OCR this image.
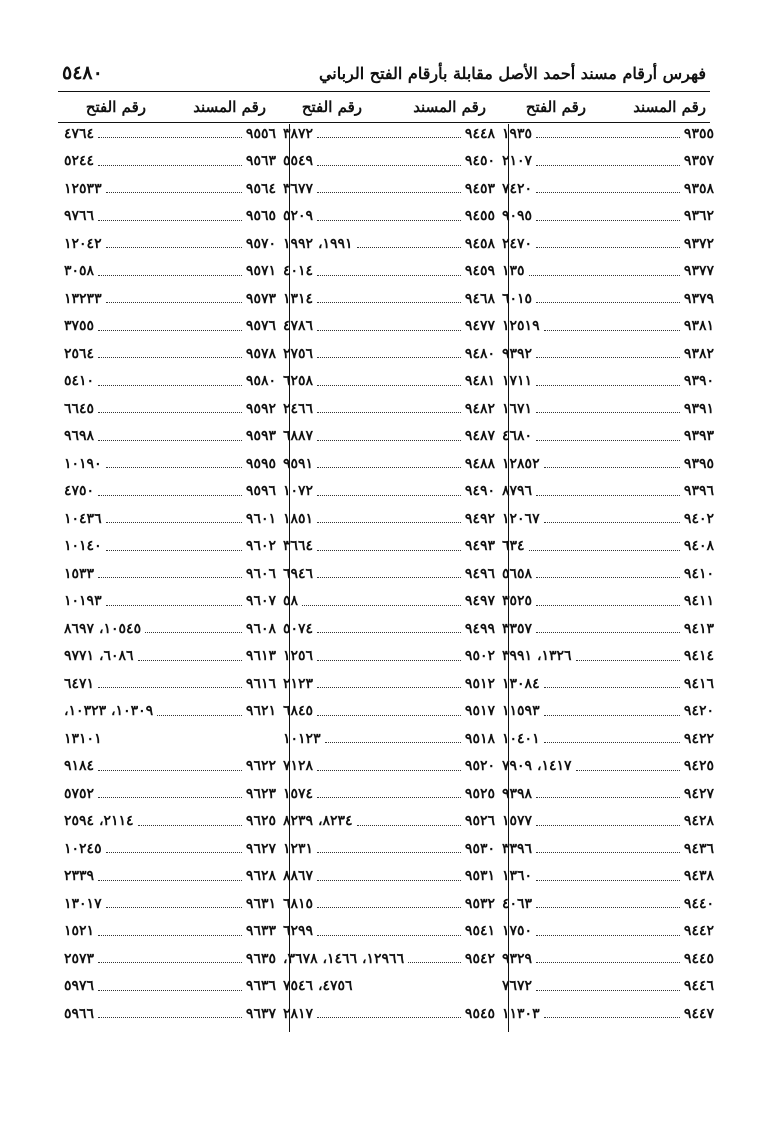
فهرس أرقام مسند أحمد الأصل مقابلة بأرقام الفتح الرباني
٥٤٨٠
رقم المسند
رقم الفتح
رقم المسند
رقم الفتح
رقم المسند
رقم الفتح
٩٣٥٥
١٩٣٥
٩٣٥٧
٢١٠٧
٩٣٥٨
٧٤٢٠
٩٣٦٢
٩٠٩٥
٩٣٧٢
٢٤٧٠
٩٣٧٧
١٣٥
٩٣٧٩
٦٠١٥
٩٣٨١
١٢٥١٩
٩٣٨٢
٩٣٩٢
٩٣٩٠
١٧١١
٩٣٩١
١٦٧١
٩٣٩٣
٤٦٨٠
٩٣٩٥
١٢٨٥٢
٩٣٩٦
٨٧٩٦
٩٤٠٢
١٢٠٦٧
٩٤٠٨
٦٣٤
٩٤١٠
٥٦٥٨
٩٤١١
٣٥٢٥
٩٤١٣
٣٣٥٧
٩٤١٤
١٣٢٦، ٣٩٩١
٩٤١٦
١٣٠٨٤
٩٤٢٠
١١٥٩٣
٩٤٢٢
١٠٤٠١
٩٤٢٥
١٤١٧، ٧٩٠٩
٩٤٢٧
٩٣٩٨
٩٤٢٨
١٥٧٧
٩٤٣٦
٣٣٩٦
٩٤٣٨
١٣٦٠
٩٤٤٠
٤٠٦٣
٩٤٤٢
١٧٥٠
٩٤٤٥
٩٣٢٩
٩٤٤٦
٧٦٧٢
٩٤٤٧
١١٣٠٣
٩٤٤٨
٣٨٧٢
٩٤٥٠
٥٥٤٩
٩٤٥٣
٣٦٧٧
٩٤٥٥
٥٢٠٩
٩٤٥٨
١٩٩١، ١٩٩٢
٩٤٥٩
٤٠١٤
٩٤٦٨
١٣١٤
٩٤٧٧
٤٧٨٦
٩٤٨٠
٢٧٥٦
٩٤٨١
٦٢٥٨
٩٤٨٢
٢٤٦٦
٩٤٨٧
٦٨٨٧
٩٤٨٨
٩٥٩١
٩٤٩٠
١٠٧٢
٩٤٩٢
١٨٥١
٩٤٩٣
٣٦٦٤
٩٤٩٦
٦٩٤٦
٩٤٩٧
٥٨
٩٤٩٩
٥٠٧٤
٩٥٠٢
١٢٥٦
٩٥١٢
٢١٢٣
٩٥١٧
٦٨٤٥
٩٥١٨
١٠١٢٣
٩٥٢٠
٧١٢٨
٩٥٢٥
١٥٧٤
٩٥٢٦
٨٢٣٤، ٨٢٣٩
٩٥٣٠
١٢٣١
٩٥٣١
٨٨٦٧
٩٥٣٢
٦٨١٥
٩٥٤١
٦٢٩٩
٩٥٤٢
١٢٩٦٦، ١٤٦٦، ٣٦٧٨،
٤٧٥٦، ٧٥٤٦
٩٥٤٥
٢٨١٧
٩٥٥٦
٤٧٦٤
٩٥٦٣
٥٢٤٤
٩٥٦٤
١٢٥٣٣
٩٥٦٥
٩٧٦٦
٩٥٧٠
١٢٠٤٢
٩٥٧١
٣٠٥٨
٩٥٧٣
١٣٢٣٣
٩٥٧٦
٣٧٥٥
٩٥٧٨
٢٥٦٤
٩٥٨٠
٥٤١٠
٩٥٩٢
٦٦٤٥
٩٥٩٣
٩٦٩٨
٩٥٩٥
١٠١٩٠
٩٥٩٦
٤٧٥٠
٩٦٠١
١٠٤٣٦
٩٦٠٢
١٠١٤٠
٩٦٠٦
١٥٣٣
٩٦٠٧
١٠١٩٣
٩٦٠٨
١٠٥٤٥، ٨٦٩٧
٩٦١٣
٦٠٨٦، ٩٧٧١
٩٦١٦
٦٤٧١
٩٦٢١
١٠٣٠٩، ١٠٣٢٣،
١٣١٠١
٩٦٢٢
٩١٨٤
٩٦٢٣
٥٧٥٢
٩٦٢٥
٢١١٤، ٢٥٩٤
٩٦٢٧
١٠٢٤٥
٩٦٢٨
٢٣٣٩
٩٦٣١
١٣٠١٧
٩٦٣٣
١٥٢١
٩٦٣٥
٢٥٧٣
٩٦٣٦
٥٩٧٦
٩٦٣٧
٥٩٦٦
